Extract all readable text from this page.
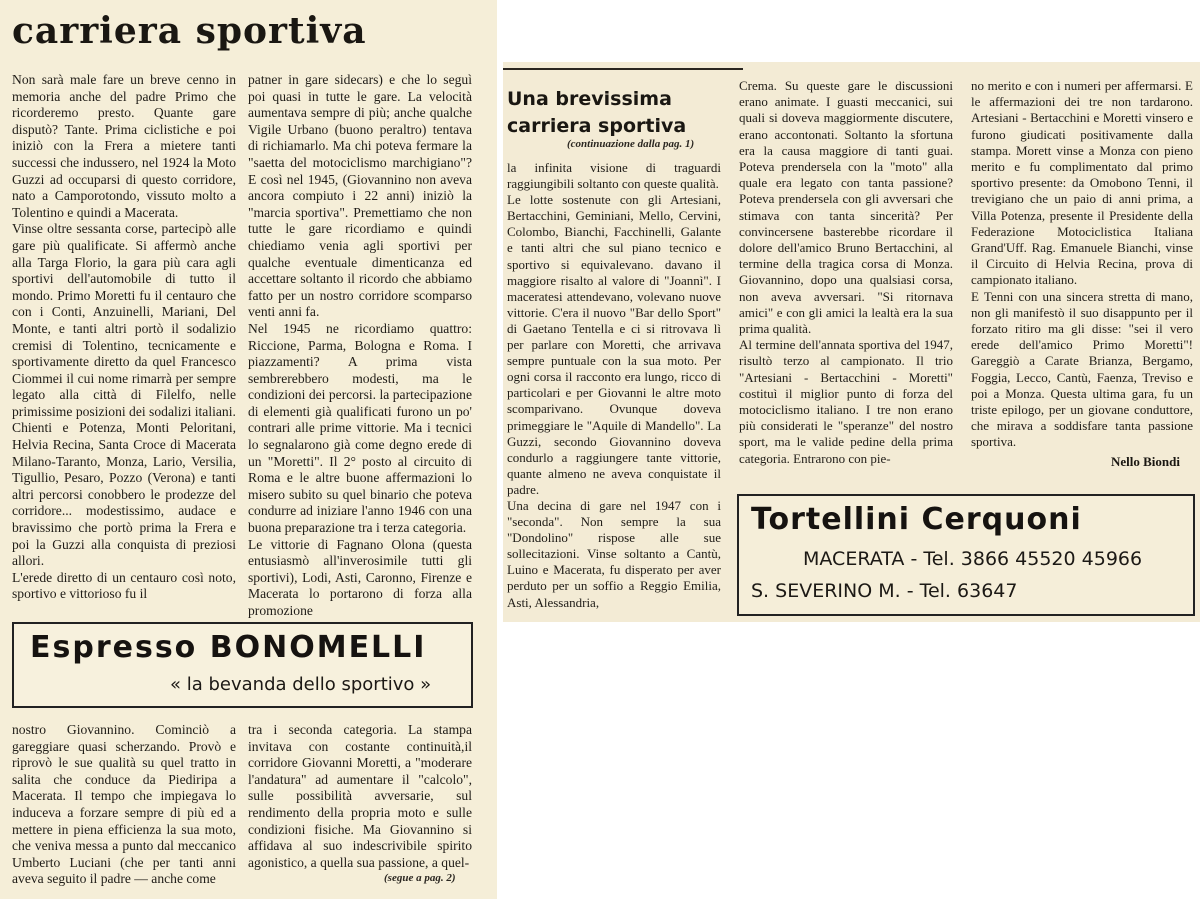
carriera sportiva
Non sarà male fare un breve cenno in memoria anche del padre Primo che ricorderemo presto. Quante gare disputò? Tante. Prima ciclistiche e poi iniziò con la Frera a mietere tanti successi che indussero, nel 1924 la Moto Guzzi ad occuparsi di questo corridore, nato a Camporotondo, vissuto molto a Tolentino e quindi a Macerata.
Vinse oltre sessanta corse, partecipò alle gare più qualificate. Si affermò anche alla Targa Florio, la gara più cara agli sportivi dell'automobile di tutto il mondo. Primo Moretti fu il centauro che con i Conti, Anzuinelli, Mariani, Del Monte, e tanti altri portò il sodalizio cremisi di Tolentino, tecnicamente e sportivamente diretto da quel Francesco Ciommei il cui nome rimarrà per sempre legato alla città di Filelfo, nelle primissime posizioni dei sodalizi italiani.
Chienti e Potenza, Monti Peloritani, Helvia Recina, Santa Croce di Macerata Milano-Taranto, Monza, Lario, Versilia, Tigullio, Pesaro, Pozzo (Verona) e tanti altri percorsi conobbero le prodezze del corridore... modestissimo, audace e bravissimo che portò prima la Frera e poi la Guzzi alla conquista di preziosi allori.
L'erede diretto di un centauro così noto, sportivo e vittorioso fu il
patner in gare sidecars) e che lo seguì poi quasi in tutte le gare. La velocità aumentava sempre di più; anche qualche Vigile Urbano (buono peraltro) tentava di richiamarlo. Ma chi poteva fermare la "saetta del motociclismo marchigiano"? E così nel 1945, (Giovannino non aveva ancora compiuto i 22 anni) iniziò la "marcia sportiva". Premettiamo che non tutte le gare ricordiamo e quindi chiediamo venia agli sportivi per qualche eventuale dimenticanza ed accettare soltanto il ricordo che abbiamo fatto per un nostro corridore scomparso venti anni fa.
Nel 1945 ne ricordiamo quattro: Riccione, Parma, Bologna e Roma. I piazzamenti? A prima vista sembrerebbero modesti, ma le condizioni dei percorsi. la partecipazione di elementi già qualificati furono un po' contrari alle prime vittorie. Ma i tecnici lo segnalarono già come degno erede di un "Moretti". Il 2° posto al circuito di Roma e le altre buone affermazioni lo misero subito su quel binario che poteva condurre ad iniziare l'anno 1946 con una buona preparazione tra i terza categoria.
Le vittorie di Fagnano Olona (questa entusiasmò all'inverosimile tutti gli sportivi), Lodi, Asti, Caronno, Firenze e Macerata lo portarono di forza alla promozione
Espresso BONOMELLI
« la bevanda dello sportivo »
nostro Giovannino. Cominciò a gareggiare quasi scherzando. Provò e riprovò le sue qualità su quel tratto in salita che conduce da Piediripa a Macerata. Il tempo che impiegava lo induceva a forzare sempre di più ed a mettere in piena efficienza la sua moto, che veniva messa a punto dal meccanico Umberto Luciani (che per tanti anni aveva seguito il padre — anche come
tra i seconda categoria. La stampa invitava con costante continuità,il corridore Giovanni Moretti, a "moderare l'andatura" ad aumentare il "calcolo", sulle possibilità avversarie, sul rendimento della propria moto e sulle condizioni fisiche. Ma Giovannino si affidava al suo indescrivibile spirito agonistico, a quella sua passione, a quel-
(segue a pag. 2)
Una brevissima
carriera sportiva
(continuazione dalla pag. 1)
la infinita visione di traguardi raggiungibili soltanto con queste qualità.
Le lotte sostenute con gli Artesiani, Bertacchini, Geminiani, Mello, Cervini, Colombo, Bianchi, Facchinelli, Galante e tanti altri che sul piano tecnico e sportivo si equivalevano. davano il maggiore risalto al valore di "Joannì". I maceratesi attendevano, volevano nuove vittorie. C'era il nuovo "Bar dello Sport" di Gaetano Tentella e ci si ritrovava lì per parlare con Moretti, che arrivava sempre puntuale con la sua moto. Per ogni corsa il racconto era lungo, ricco di particolari e per Giovanni le altre moto scomparivano. Ovunque doveva primeggiare le "Aquile di Mandello". La Guzzi, secondo Giovannino doveva condurlo a raggiungere tante vittorie, quante almeno ne aveva conquistate il padre.
Una decina di gare nel 1947 con i "seconda". Non sempre la sua "Dondolino" rispose alle sue sollecitazioni. Vinse soltanto a Cantù, Luino e Macerata, fu disperato per aver perduto per un soffio a Reggio Emilia, Asti, Alessandria,
Crema. Su queste gare le discussioni erano animate. I guasti meccanici, sui quali si doveva maggiormente discutere, erano accontonati. Soltanto la sfortuna era la causa maggiore di tanti guai. Poteva prendersela con la "moto" alla quale era legato con tanta passione? Poteva prendersela con gli avversari che stimava con tanta sincerità? Per convincersene basterebbe ricordare il dolore dell'amico Bruno Bertacchini, al termine della tragica corsa di Monza. Giovannino, dopo una qualsiasi corsa, non aveva avversari. "Si ritornava amici" e con gli amici la lealtà era la sua prima qualità.
Al termine dell'annata sportiva del 1947, risultò terzo al campionato. Il trio "Artesiani - Bertacchini - Moretti" costituì il miglior punto di forza del motociclismo italiano. I tre non erano più considerati le "speranze" del nostro sport, ma le valide pedine della prima categoria. Entrarono con pie-
no merito e con i numeri per affermarsi. E le affermazioni dei tre non tardarono. Artesiani - Bertacchini e Moretti vinsero e furono giudicati positivamente dalla stampa. Morett vinse a Monza con pieno merito e fu complimentato dal primo sportivo presente: da Omobono Tenni, il trevigiano che un paio di anni prima, a Villa Potenza, presente il Presidente della Federazione Motociclistica Italiana Grand'Uff. Rag. Emanuele Bianchi, vinse il Circuito di Helvia Recina, prova di campionato italiano.
E Tenni con una sincera stretta di mano, non gli manifestò il suo disappunto per il forzato ritiro ma gli disse: "sei il vero erede dell'amico Primo Moretti"! Gareggiò a Carate Brianza, Bergamo, Foggia, Lecco, Cantù, Faenza, Treviso e poi a Monza. Questa ultima gara, fu un triste epilogo, per un giovane conduttore, che mirava a soddisfare tanta passione sportiva.
Nello Biondi
Tortellini Cerquoni
MACERATA - Tel. 3866 45520 45966
S. SEVERINO M. - Tel. 63647
